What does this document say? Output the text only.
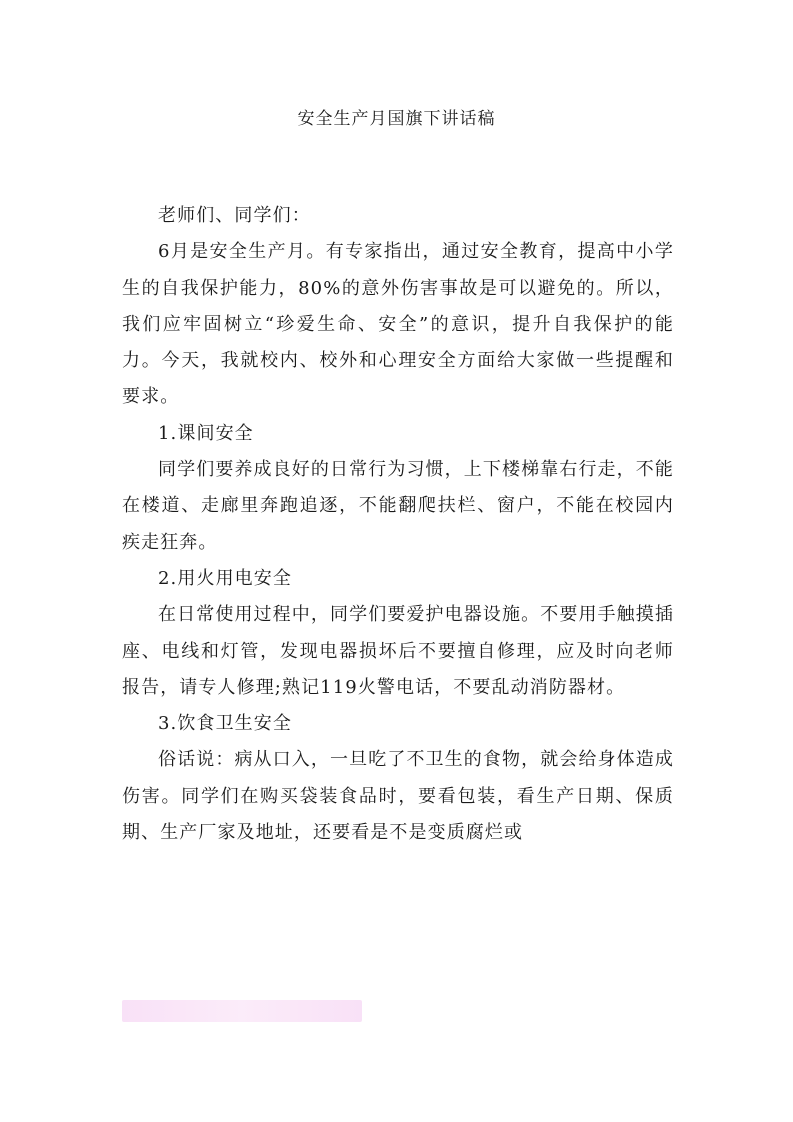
安全生产月国旗下讲话稿

老师们、同学们：

6月是安全生产月。有专家指出，通过安全教育，提高中小学生的自我保护能力，80%的意外伤害事故是可以避免的。所以，我们应牢固树立“珍爱生命、安全”的意识，提升自我保护的能力。今天，我就校内、校外和心理安全方面给大家做一些提醒和要求。

1.课间安全

同学们要养成良好的日常行为习惯，上下楼梯靠右行走，不能在楼道、走廊里奔跑追逐，不能翻爬扶栏、窗户，不能在校园内疾走狂奔。

2.用火用电安全

在日常使用过程中，同学们要爱护电器设施。不要用手触摸插座、电线和灯管，发现电器损坏后不要擅自修理，应及时向老师报告，请专人修理;熟记119火警电话，不要乱动消防器材。

3.饮食卫生安全

俗话说：病从口入，一旦吃了不卫生的食物，就会给身体造成伤害。同学们在购买袋装食品时，要看包装，看生产日期、保质期、生产厂家及地址，还要看是不是变质腐烂或
